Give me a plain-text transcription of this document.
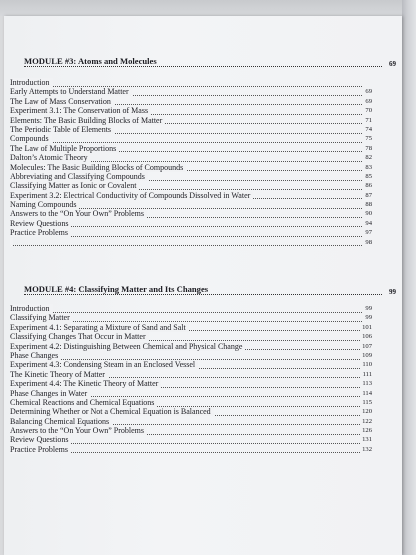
MODULE #3: Atoms and Molecules	69
Introduction
Early Attempts to Understand Matter	69
The Law of Mass Conservation	69
Experiment 3.1: The Conservation of Mass	70
Elements: The Basic Building Blocks of Matter	71
The Periodic Table of Elements	74
Compounds	75
The Law of Multiple Proportions	78
Dalton’s Atomic Theory	82
Molecules: The Basic Building Blocks of Compounds	83
Abbreviating and Classifying Compounds	85
Classifying Matter as Ionic or Covalent	86
Experiment 3.2: Electrical Conductivity of Compounds Dissolved in Water	87
Naming Compounds	88
Answers to the “On Your Own” Problems	90
Review Questions	94
Practice Problems	97
98
MODULE #4: Classifying Matter and Its Changes	99
Introduction	99
Classifying Matter	99
Experiment 4.1: Separating a Mixture of Sand and Salt	101
Classifying Changes That Occur in Matter	106
Experiment 4.2: Distinguishing Between Chemical and Physical Change	107
Phase Changes	109
Experiment 4.3: Condensing Steam in an Enclosed Vessel	110
The Kinetic Theory of Matter	111
Experiment 4.4: The Kinetic Theory of Matter	113
Phase Changes in Water	114
Chemical Reactions and Chemical Equations	115
Determining Whether or Not a Chemical Equation is Balanced	120
Balancing Chemical Equations	122
Answers to the “On Your Own” Problems	126
Review Questions	131
Practice Problems	132
